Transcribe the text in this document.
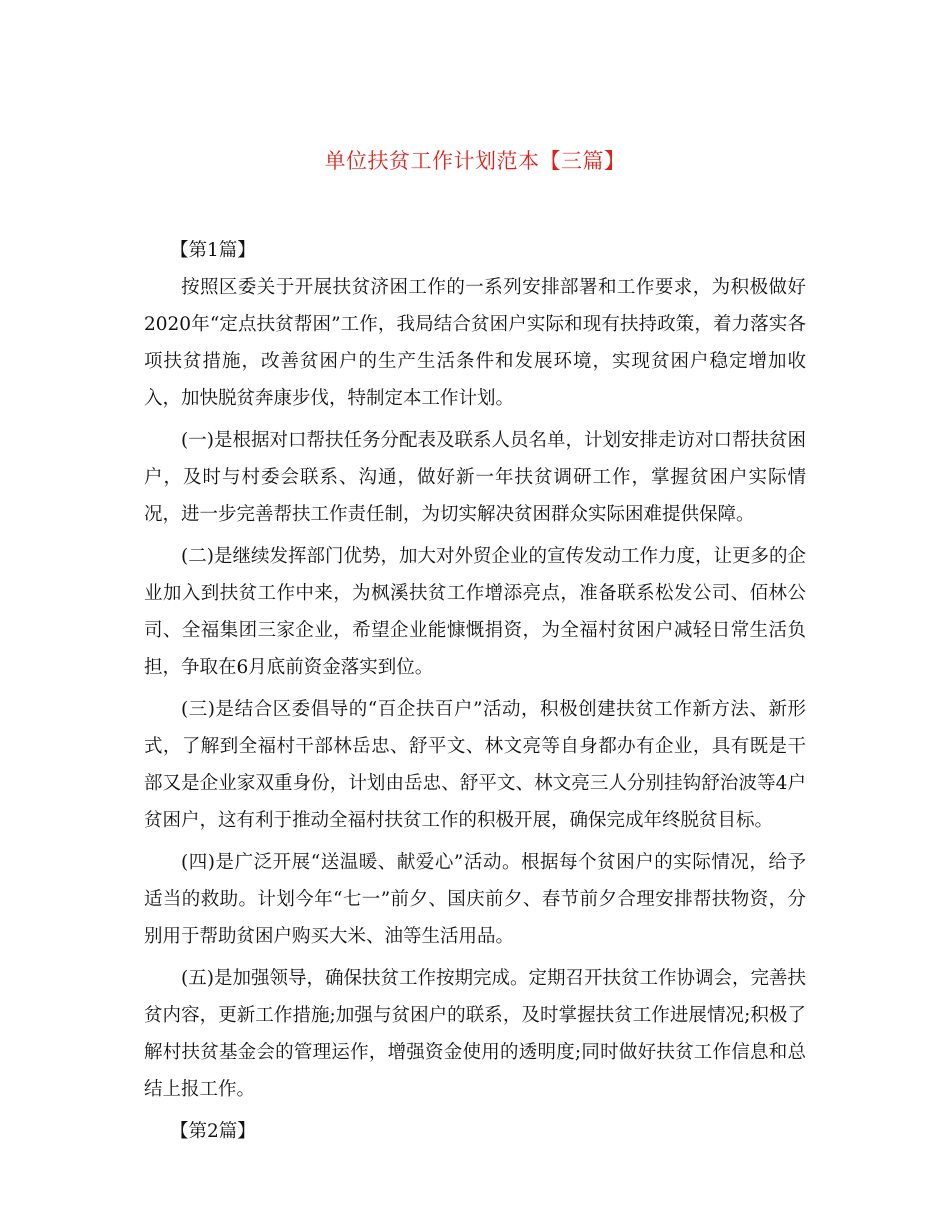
单位扶贫工作计划范本【三篇】

【第1篇】

按照区委关于开展扶贫济困工作的一系列安排部署和工作要求，为积极做好2020年“定点扶贫帮困”工作，我局结合贫困户实际和现有扶持政策，着力落实各项扶贫措施，改善贫困户的生产生活条件和发展环境，实现贫困户稳定增加收入，加快脱贫奔康步伐，特制定本工作计划。

(一)是根据对口帮扶任务分配表及联系人员名单，计划安排走访对口帮扶贫困户，及时与村委会联系、沟通，做好新一年扶贫调研工作，掌握贫困户实际情况，进一步完善帮扶工作责任制，为切实解决贫困群众实际困难提供保障。

(二)是继续发挥部门优势，加大对外贸企业的宣传发动工作力度，让更多的企业加入到扶贫工作中来，为枫溪扶贫工作增添亮点，准备联系松发公司、佰林公司、全福集团三家企业，希望企业能慷慨捐资，为全福村贫困户减轻日常生活负担，争取在6月底前资金落实到位。

(三)是结合区委倡导的“百企扶百户”活动，积极创建扶贫工作新方法、新形式，了解到全福村干部林岳忠、舒平文、林文亮等自身都办有企业，具有既是干部又是企业家双重身份，计划由岳忠、舒平文、林文亮三人分别挂钩舒治波等4户贫困户，这有利于推动全福村扶贫工作的积极开展，确保完成年终脱贫目标。

(四)是广泛开展“送温暖、献爱心”活动。根据每个贫困户的实际情况，给予适当的救助。计划今年“七一”前夕、国庆前夕、春节前夕合理安排帮扶物资，分别用于帮助贫困户购买大米、油等生活用品。

(五)是加强领导，确保扶贫工作按期完成。定期召开扶贫工作协调会，完善扶贫内容，更新工作措施;加强与贫困户的联系，及时掌握扶贫工作进展情况;积极了解村扶贫基金会的管理运作，增强资金使用的透明度;同时做好扶贫工作信息和总结上报工作。

【第2篇】
